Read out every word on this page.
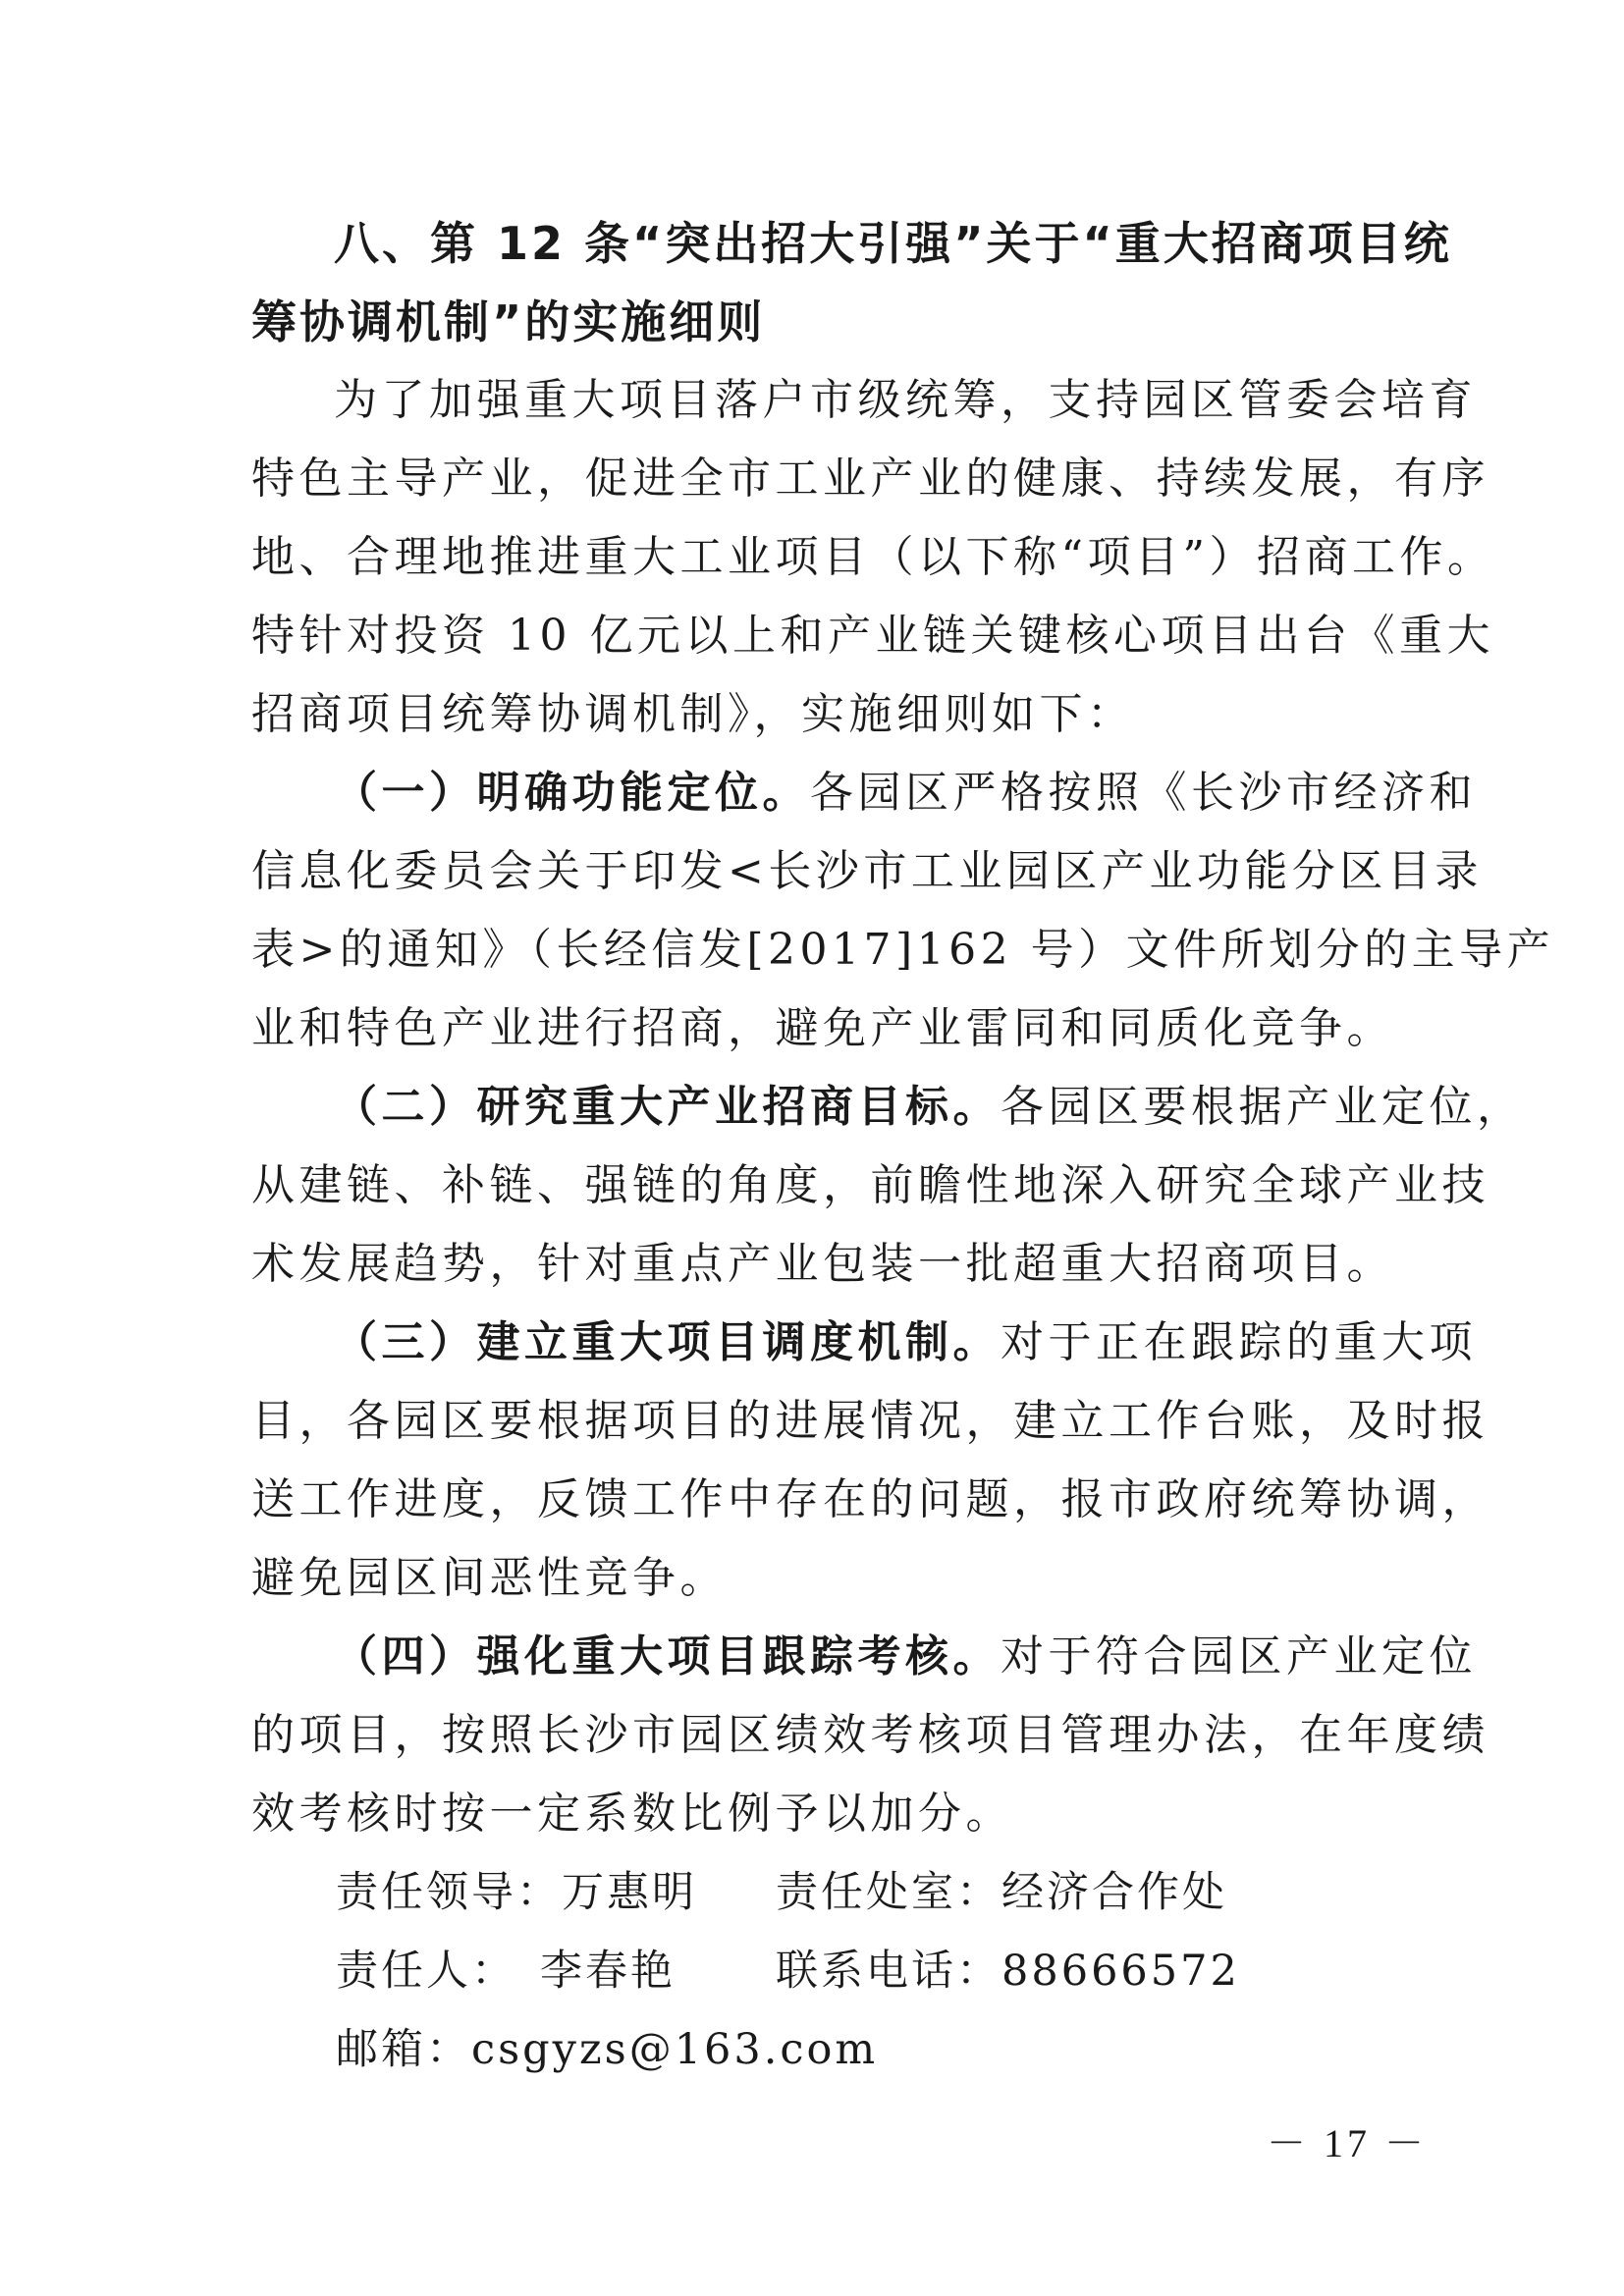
八、第 12 条“突出招大引强”关于“重大招商项目统
筹协调机制”的实施细则
为了加强重大项目落户市级统筹，支持园区管委会培育
特色主导产业，促进全市工业产业的健康、持续发展，有序
地、合理地推进重大工业项目（以下称“项目”）招商工作。
特针对投资 10 亿元以上和产业链关键核心项目出台《重大
招商项目统筹协调机制》，实施细则如下：
（一）明确功能定位。各园区严格按照《长沙市经济和
信息化委员会关于印发<长沙市工业园区产业功能分区目录
表>的通知》（长经信发[2017]162 号）文件所划分的主导产
业和特色产业进行招商，避免产业雷同和同质化竞争。
（二）研究重大产业招商目标。各园区要根据产业定位，
从建链、补链、强链的角度，前瞻性地深入研究全球产业技
术发展趋势，针对重点产业包装一批超重大招商项目。
（三）建立重大项目调度机制。对于正在跟踪的重大项
目，各园区要根据项目的进展情况，建立工作台账，及时报
送工作进度，反馈工作中存在的问题，报市政府统筹协调，
避免园区间恶性竞争。
（四）强化重大项目跟踪考核。对于符合园区产业定位
的项目，按照长沙市园区绩效考核项目管理办法，在年度绩
效考核时按一定系数比例予以加分。
责任领导：万惠明	责任处室：经济合作处
责任人： 李春艳	联系电话：88666572
邮箱：csgyzs@163.com
－ 17 －
